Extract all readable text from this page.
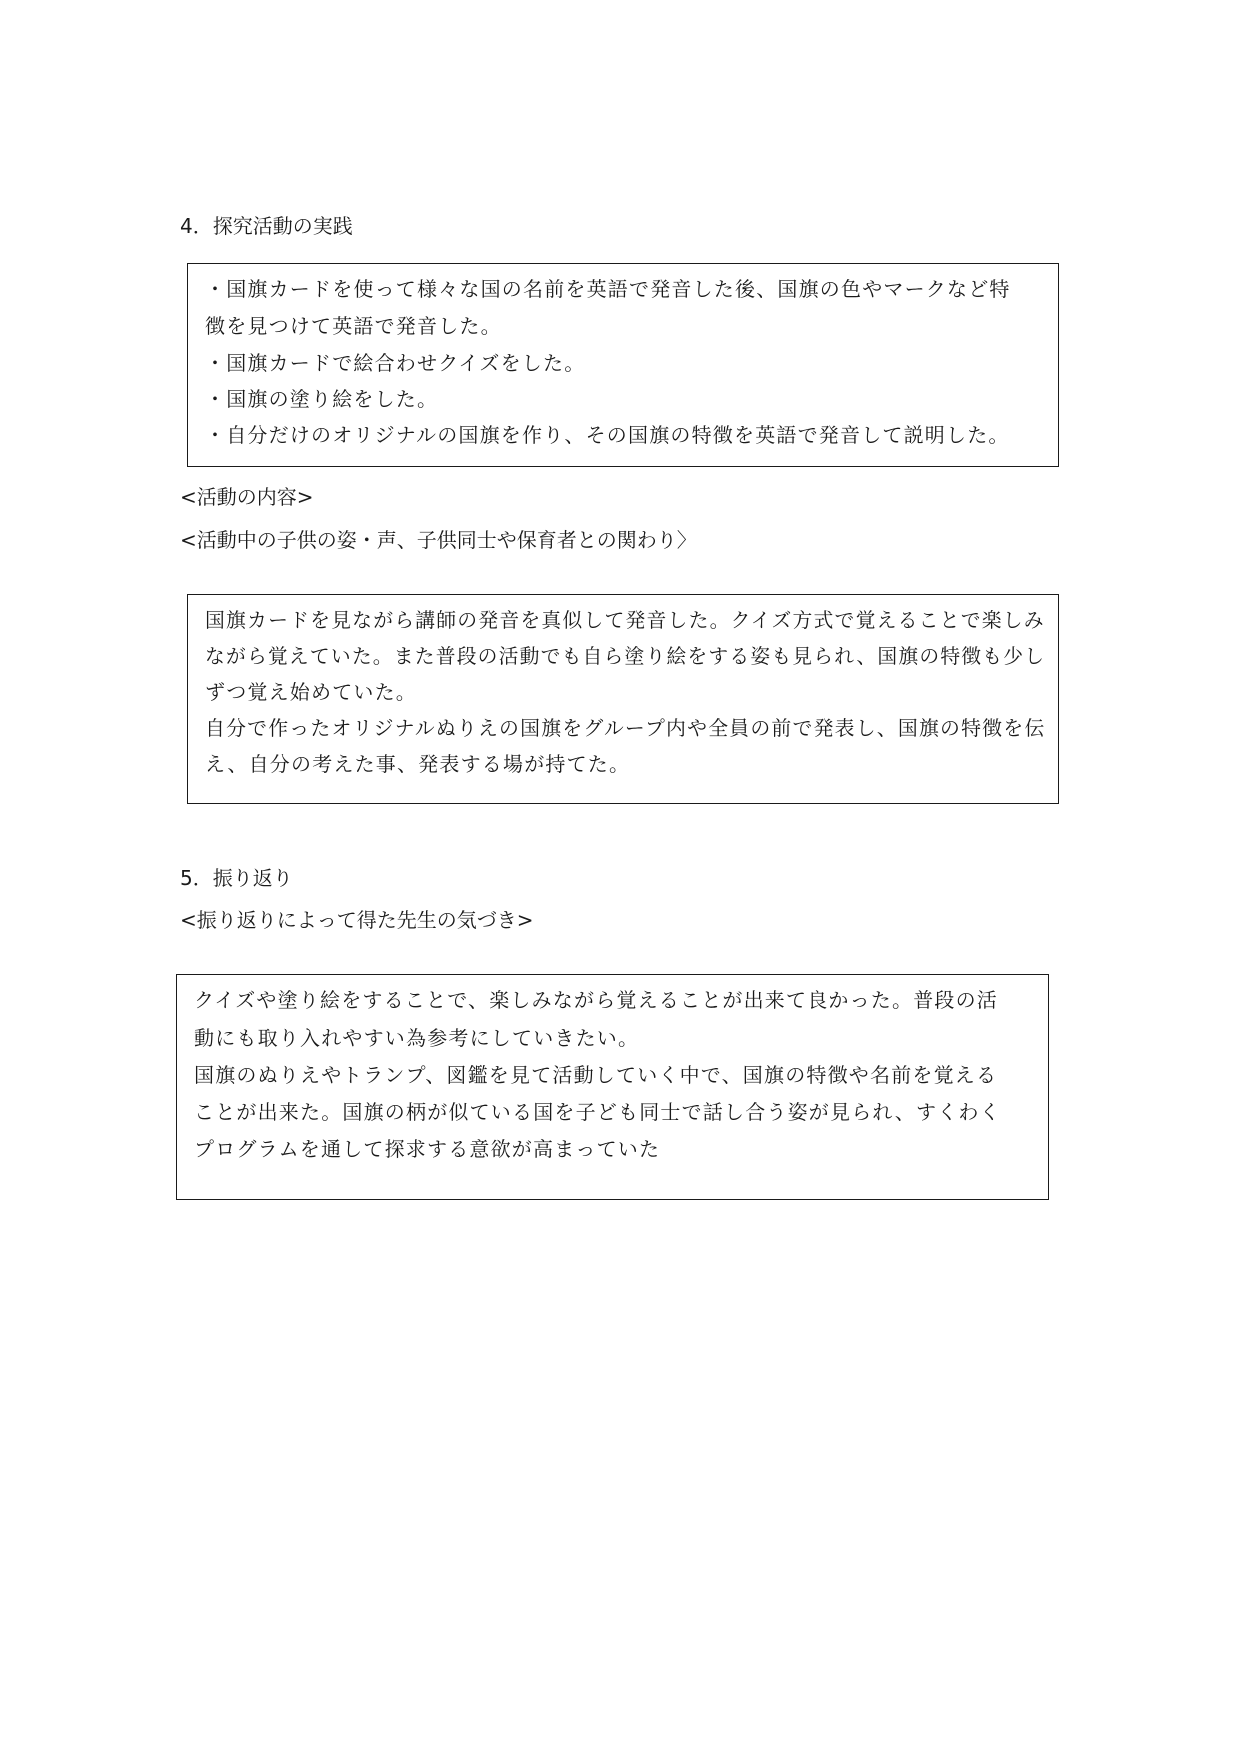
4．探究活動の実践
・国旗カードを使って様々な国の名前を英語で発音した後、国旗の色やマークなど特
徴を見つけて英語で発音した。
・国旗カードで絵合わせクイズをした。
・国旗の塗り絵をした。
・自分だけのオリジナルの国旗を作り、その国旗の特徴を英語で発音して説明した。
<活動の内容>
<活動中の子供の姿・声、子供同士や保育者との関わり〉
国旗カードを見ながら講師の発音を真似して発音した。クイズ方式で覚えることで楽しみ
ながら覚えていた。また普段の活動でも自ら塗り絵をする姿も見られ、国旗の特徴も少し
ずつ覚え始めていた。
自分で作ったオリジナルぬりえの国旗をグループ内や全員の前で発表し、国旗の特徴を伝
え、自分の考えた事、発表する場が持てた。
5．振り返り
<振り返りによって得た先生の気づき>
クイズや塗り絵をすることで、楽しみながら覚えることが出来て良かった。普段の活
動にも取り入れやすい為参考にしていきたい。
国旗のぬりえやトランプ、図鑑を見て活動していく中で、国旗の特徴や名前を覚える
ことが出来た。国旗の柄が似ている国を子ども同士で話し合う姿が見られ、すくわく
プログラムを通して探求する意欲が高まっていた
